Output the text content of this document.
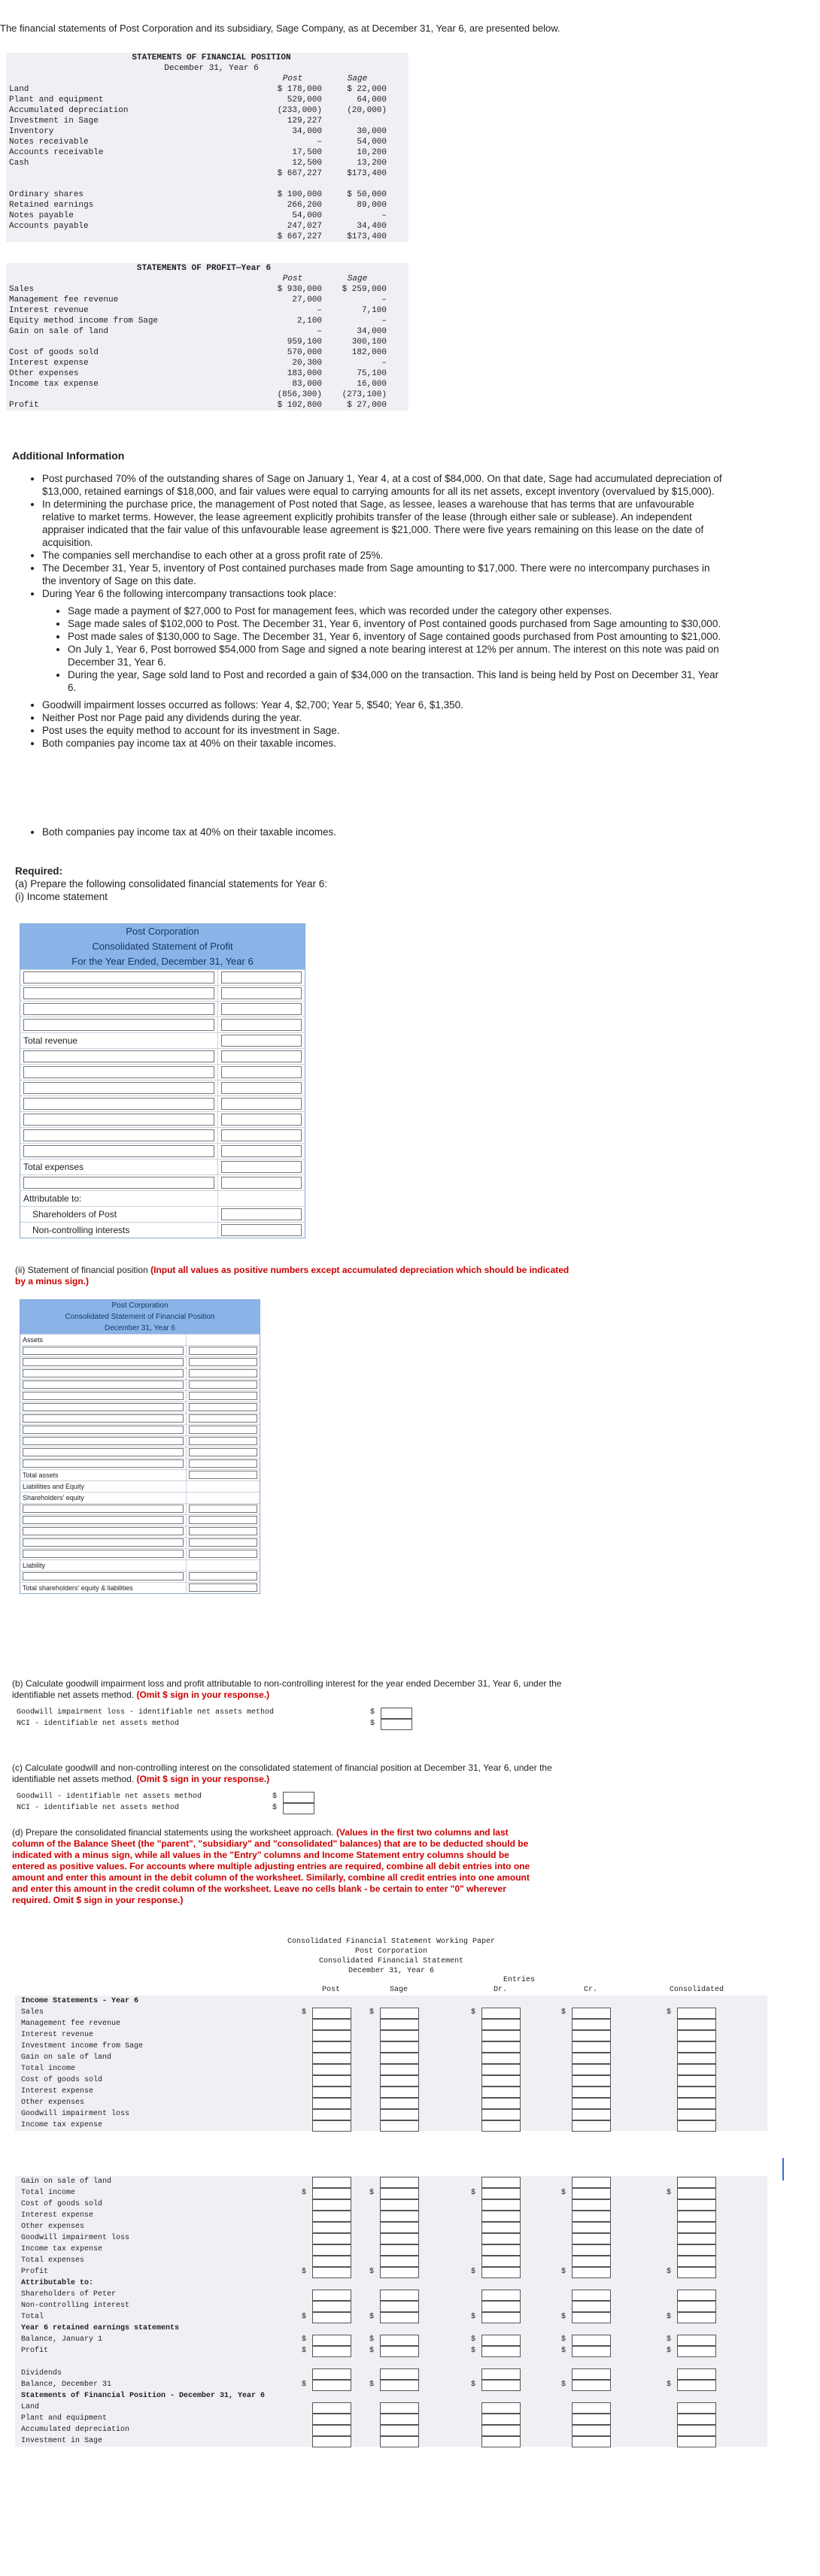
The financial statements of Post Corporation and its subsidiary, Sage Company, as at December 31, Year 6, are presented below.
STATEMENTS OF FINANCIAL POSITION		
December 31, Year 6		
	Post	Sage
Land	$ 178,000	$ 22,000
Plant and equipment	529,000	64,000
Accumulated depreciation	(233,000)	(20,000)
Investment in Sage	129,227	
Inventory	34,000	30,000
Notes receivable	–	54,000
Accounts receivable	17,500	10,200
Cash	12,500	13,200
	$ 667,227	$173,400

Ordinary shares	$ 100,000	$ 50,000
Retained earnings	266,200	89,000
Notes payable	54,000	–
Accounts payable	247,027	34,400
	$ 667,227	$173,400
STATEMENTS OF PROFIT—Year 6		
	Post	Sage
Sales	$ 930,000	$ 259,000
Management fee revenue	27,000	–
Interest revenue	–	7,100
Equity method income from Sage	2,100	–
Gain on sale of land	–	34,000
	959,100	300,100
Cost of goods sold	570,000	182,000
Interest expense	20,300	–
Other expenses	183,000	75,100
Income tax expense	83,000	16,000
	(856,300)	(273,100)
Profit	$ 102,800	$ 27,000
Additional Information
• Post purchased 70% of the outstanding shares of Sage on January 1, Year 4, at a cost of $84,000. On that date, Sage had accumulated depreciation of $13,000, retained earnings of $18,000, and fair values were equal to carrying amounts for all its net assets, except inventory (overvalued by $15,000).
• In determining the purchase price, the management of Post noted that Sage, as lessee, leases a warehouse that has terms that are unfavourable relative to market terms. However, the lease agreement explicitly prohibits transfer of the lease (through either sale or sublease). An independent appraiser indicated that the fair value of this unfavourable lease agreement is $21,000. There were five years remaining on this lease on the date of acquisition.
• The companies sell merchandise to each other at a gross profit rate of 25%.
• The December 31, Year 5, inventory of Post contained purchases made from Sage amounting to $17,000. There were no intercompany purchases in the inventory of Sage on this date.
• During Year 6 the following intercompany transactions took place:
• Sage made a payment of $27,000 to Post for management fees, which was recorded under the category other expenses.
• Sage made sales of $102,000 to Post. The December 31, Year 6, inventory of Post contained goods purchased from Sage amounting to $30,000.
• Post made sales of $130,000 to Sage. The December 31, Year 6, inventory of Sage contained goods purchased from Post amounting to $21,000.
• On July 1, Year 6, Post borrowed $54,000 from Sage and signed a note bearing interest at 12% per annum. The interest on this note was paid on December 31, Year 6.
• During the year, Sage sold land to Post and recorded a gain of $34,000 on the transaction. This land is being held by Post on December 31, Year 6.
• Goodwill impairment losses occurred as follows: Year 4, $2,700; Year 5, $540; Year 6, $1,350.
• Neither Post nor Page paid any dividends during the year.
• Post uses the equity method to account for its investment in Sage.
• Both companies pay income tax at 40% on their taxable incomes.
• Both companies pay income tax at 40% on their taxable incomes.
Required:
(a) Prepare the following consolidated financial statements for Year 6:
(i) Income statement
Post Corporation
Consolidated Statement of Profit
For the Year Ended, December 31, Year 6
Total revenue
Total expenses
Attributable to:
Shareholders of Post
Non-controlling interests
(ii) Statement of financial position (Input all values as positive numbers except accumulated depreciation which should be indicated by a minus sign.)
Post Corporation
Consolidated Statement of Financial Position
December 31, Year 6
Assets
Total assets
Liabilities and Equity
Shareholders' equity
Liability
Total shareholders' equity & liabilities
(b) Calculate goodwill impairment loss and profit attributable to non-controlling interest for the year ended December 31, Year 6, under the identifiable net assets method. (Omit $ sign in your response.)
Goodwill impairment loss - identifiable net assets method	$
NCI - identifiable net assets method	$
(c) Calculate goodwill and non-controlling interest on the consolidated statement of financial position at December 31, Year 6, under the identifiable net assets method. (Omit $ sign in your response.)
Goodwill - identifiable net assets method	$
NCI - identifiable net assets method	$
(d) Prepare the consolidated financial statements using the worksheet approach. (Values in the first two columns and last column of the Balance Sheet (the "parent", "subsidiary" and "consolidated" balances) that are to be deducted should be indicated with a minus sign, while all values in the "Entry" columns and Income Statement entry columns should be entered as positive values. For accounts where multiple adjusting entries are required, combine all debit entries into one amount and enter this amount in the debit column of the worksheet. Similarly, combine all credit entries into one amount and enter this amount in the credit column of the worksheet. Leave no cells blank - be certain to enter "0" wherever required. Omit $ sign in your response.)
Consolidated Financial Statement Working Paper
Post Corporation
Consolidated Financial Statement
December 31, Year 6
Entries
Post	Sage	Dr.	Cr.	Consolidated
Income Statements - Year 6
Sales	$	$	$	$	$
Management fee revenue
Interest revenue
Investment income from Sage
Gain on sale of land
Total income
Cost of goods sold
Interest expense
Other expenses
Goodwill impairment loss
Income tax expense
Gain on sale of land
Total income	$	$	$	$	$
Cost of goods sold
Interest expense
Other expenses
Goodwill impairment loss
Income tax expense
Total expenses
Profit	$	$	$	$	$
Attributable to:
Shareholders of Peter
Non-controlling interest
Total	$	$	$	$	$
Year 6 retained earnings statements
Balance, January 1	$	$	$	$	$
Profit	$	$	$	$	$
Dividends
Balance, December 31	$	$	$	$	$
Statements of Financial Position - December 31, Year 6
Land
Plant and equipment
Accumulated depreciation
Investment in Sage
